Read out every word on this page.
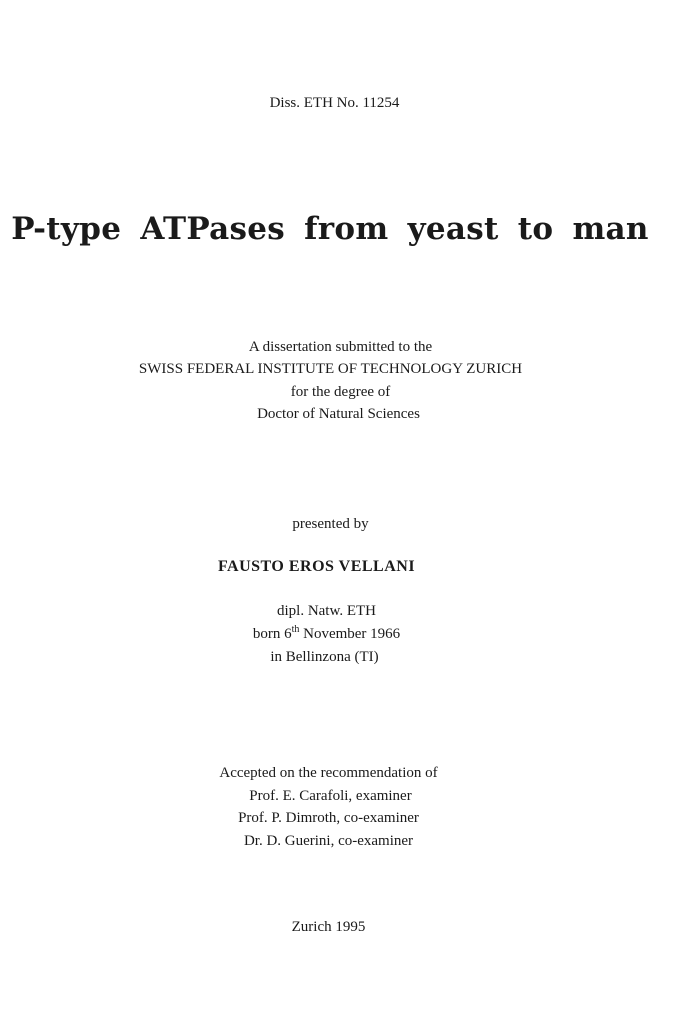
Diss. ETH No. 11254
P-type ATPases from yeast to man
A dissertation submitted to the
SWISS FEDERAL INSTITUTE OF TECHNOLOGY ZURICH
for the degree of
Doctor of Natural Sciences
presented by
FAUSTO EROS VELLANI
dipl. Natw. ETH
born 6th November 1966
in Bellinzona (TI)
Accepted on the recommendation of
Prof. E. Carafoli, examiner
Prof. P. Dimroth, co-examiner
Dr. D. Guerini, co-examiner
Zurich 1995
